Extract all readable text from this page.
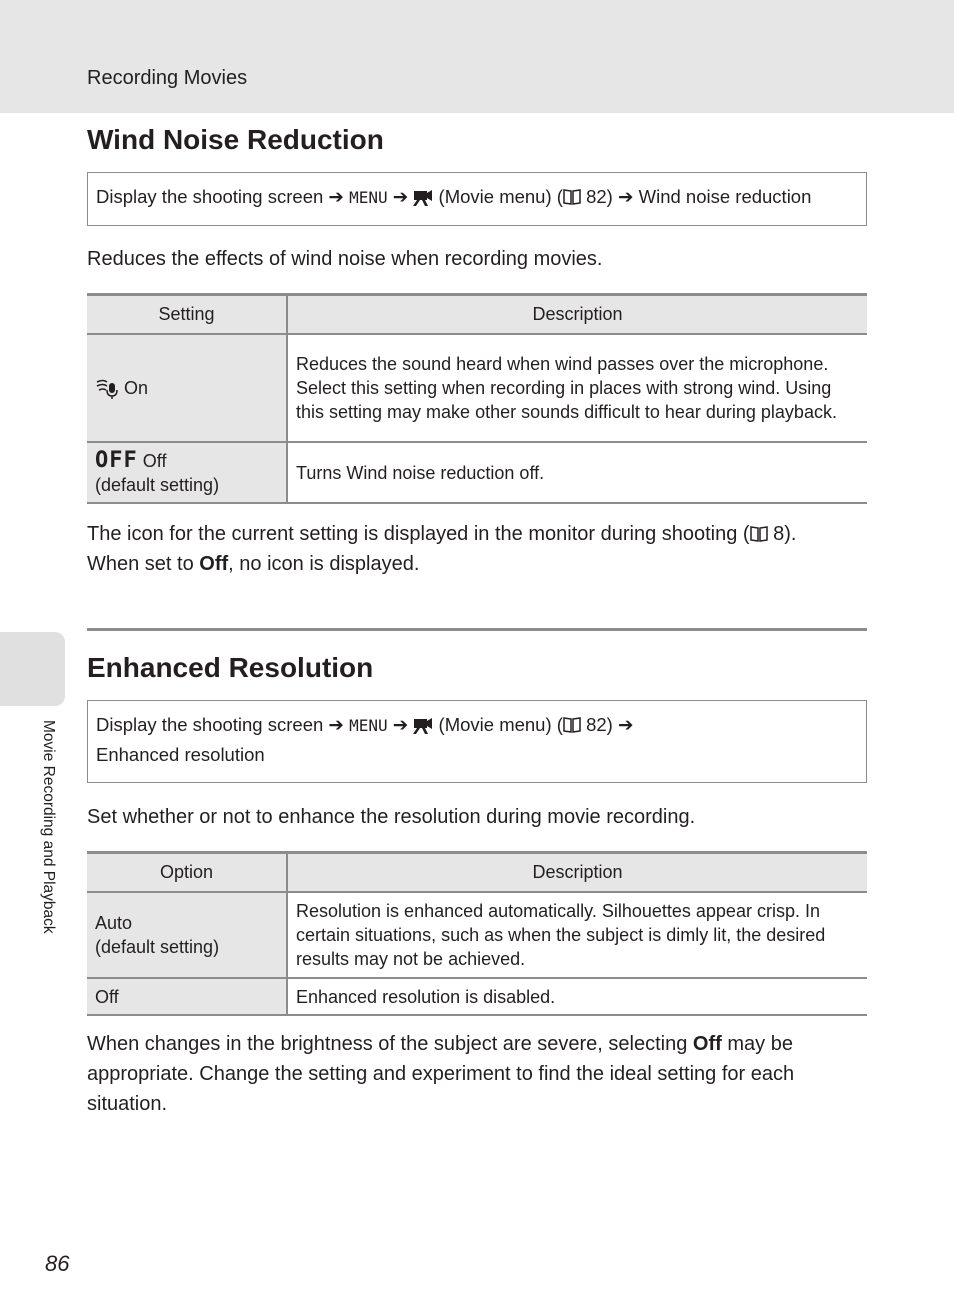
Recording Movies
Movie Recording and Playback
Wind Noise Reduction
Display the shooting screen ➔ MENU ➔ (Movie menu) ( 82) ➔ Wind noise reduction
Reduces the effects of wind noise when recording movies.
Setting	Description
On	Reduces the sound heard when wind passes over the microphone. Select this setting when recording in places with strong wind. Using this setting may make other sounds difficult to hear during playback.
OFF Off
(default setting)	Turns Wind noise reduction off.
The icon for the current setting is displayed in the monitor during shooting ( 8).
When set to Off, no icon is displayed.
Enhanced Resolution
Display the shooting screen ➔ MENU ➔ (Movie menu) ( 82) ➔
Enhanced resolution
Set whether or not to enhance the resolution during movie recording.
Option	Description
Auto
(default setting)	Resolution is enhanced automatically. Silhouettes appear crisp. In certain situations, such as when the subject is dimly lit, the desired results may not be achieved.
Off	Enhanced resolution is disabled.
When changes in the brightness of the subject are severe, selecting Off may be appropriate. Change the setting and experiment to find the ideal setting for each situation.
86
